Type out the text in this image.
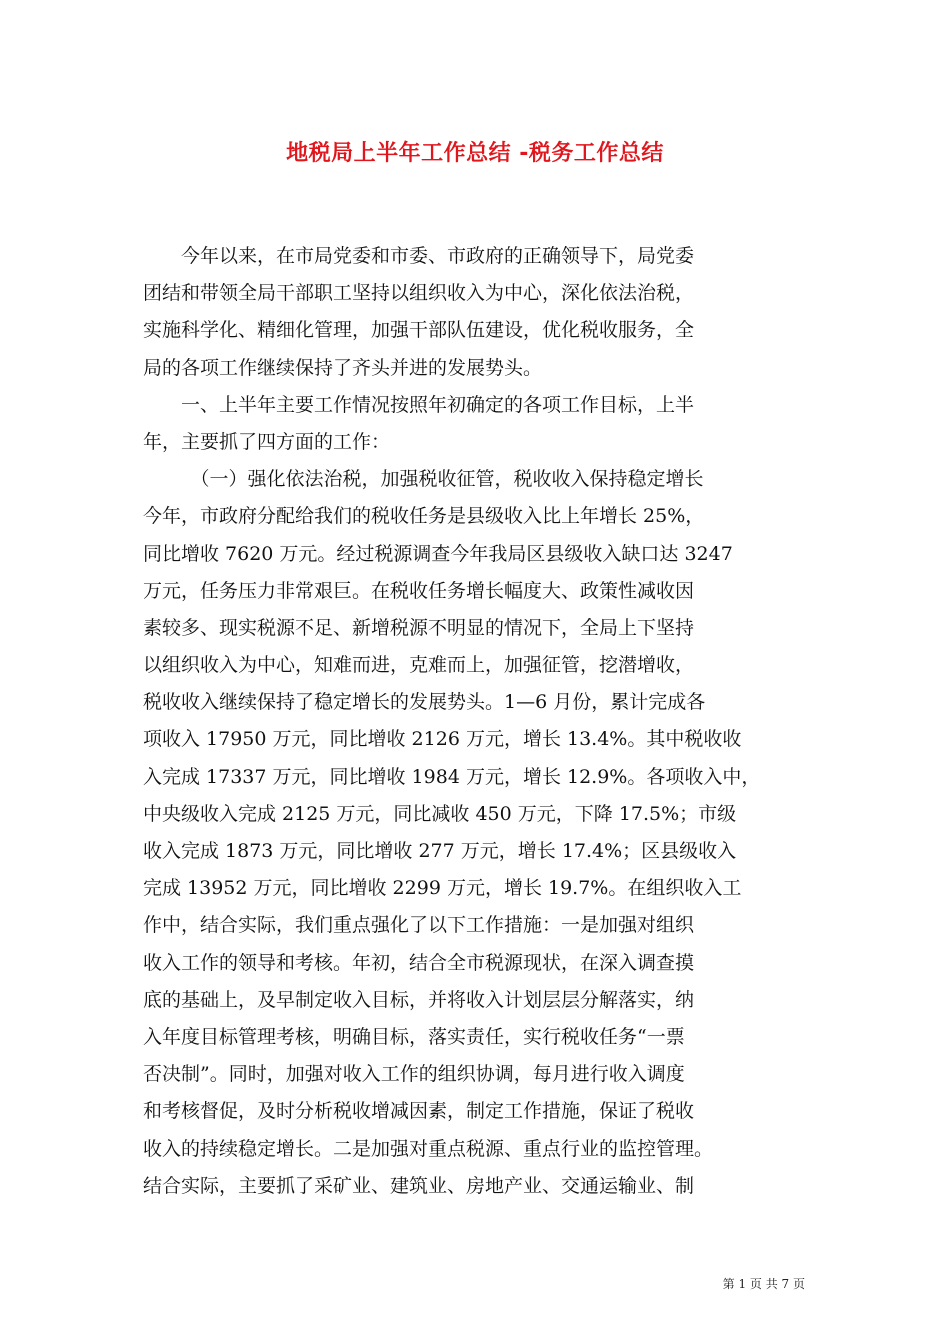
地税局上半年工作总结 -税务工作总结
　　今年以来，在市局党委和市委、市政府的正确领导下，局党委
团结和带领全局干部职工坚持以组织收入为中心，深化依法治税，
实施科学化、精细化管理，加强干部队伍建设，优化税收服务，全
局的各项工作继续保持了齐头并进的发展势头。
　　一、上半年主要工作情况按照年初确定的各项工作目标，上半
年，主要抓了四方面的工作：
　　　（一）强化依法治税，加强税收征管，税收收入保持稳定增长
今年，市政府分配给我们的税收任务是县级收入比上年增长 25%，
同比增收 7620 万元。经过税源调查今年我局区县级收入缺口达 3247
万元，任务压力非常艰巨。在税收任务增长幅度大、政策性减收因
素较多、现实税源不足、新增税源不明显的情况下，全局上下坚持
以组织收入为中心，知难而进，克难而上，加强征管，挖潜增收，
税收收入继续保持了稳定增长的发展势头。1—6 月份，累计完成各
项收入 17950 万元，同比增收 2126 万元，增长 13.4%。其中税收收
入完成 17337 万元，同比增收 1984 万元，增长 12.9%。各项收入中，
中央级收入完成 2125 万元，同比减收 450 万元，下降 17.5%；市级
收入完成 1873 万元，同比增收 277 万元，增长 17.4%；区县级收入
完成 13952 万元，同比增收 2299 万元，增长 19.7%。在组织收入工
作中，结合实际，我们重点强化了以下工作措施：一是加强对组织
收入工作的领导和考核。年初，结合全市税源现状，在深入调查摸
底的基础上，及早制定收入目标，并将收入计划层层分解落实，纳
入年度目标管理考核，明确目标，落实责任，实行税收任务“一票
否决制”。同时，加强对收入工作的组织协调，每月进行收入调度
和考核督促，及时分析税收增减因素，制定工作措施，保证了税收
收入的持续稳定增长。二是加强对重点税源、重点行业的监控管理。
结合实际，主要抓了采矿业、建筑业、房地产业、交通运输业、制
第 1 页 共 7 页
